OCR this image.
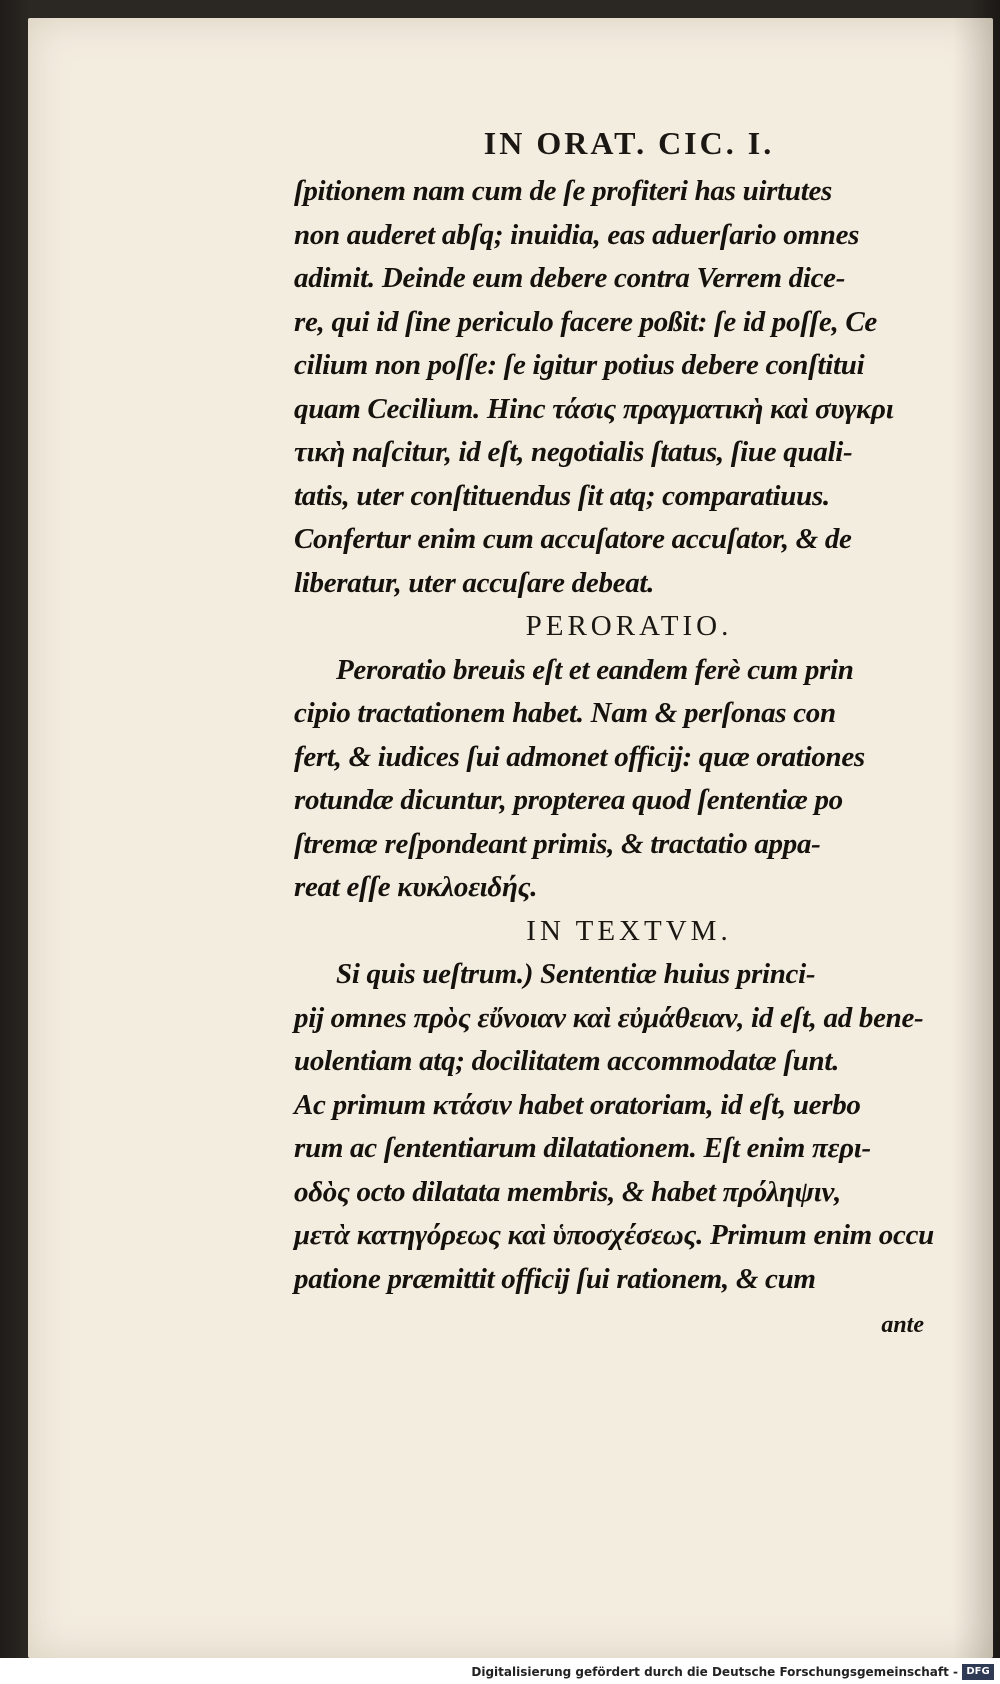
IN ORAT. CIC. I.
ſpitionem nam cum de ſe profiteri has uirtutes
non auderet abſq; inuidia, eas aduerſario omnes
adimit. Deinde eum debere contra Verrem dice-
re, qui id ſine periculo facere poßit: ſe id poſſe, Ce
cilium non poſſe: ſe igitur potius debere conſtitui
quam Cecilium. Hinc τάσις πραγματικὴ καὶ συγκρι
τικὴ naſcitur, id eſt, negotialis ſtatus, ſiue quali-
tatis, uter conſtituendus ſit atq; comparatiuus.
Confertur enim cum accuſatore accuſator, & de
liberatur, uter accuſare debeat.
PERORATIO.
Peroratio breuis eſt et eandem ferè cum prin
cipio tractationem habet. Nam & perſonas con
fert, & iudices ſui admonet officij: quæ orationes
rotundæ dicuntur, propterea quod ſententiæ po
ſtremæ reſpondeant primis, & tractatio appa-
reat eſſe κυκλοειδής.
IN TEXTVM.
Si quis ueſtrum.) Sententiæ huius princi-
pij omnes πρὸς εὔνοιαν καὶ εὐμάθειαν, id eſt, ad bene-
uolentiam atq; docilitatem accommodatæ ſunt.
Ac primum κτάσιν habet oratoriam, id eſt, uerbo
rum ac ſententiarum dilatationem. Eſt enim περι-
οδὸς octo dilatata membris, & habet πρόληψιν,
μετὰ κατηγόρεως καὶ ὑποσχέσεως. Primum enim occu
patione præmittit officij ſui rationem, & cum
ante
Digitalisierung gefördert durch die Deutsche Forschungsgemeinschaft - DFG
